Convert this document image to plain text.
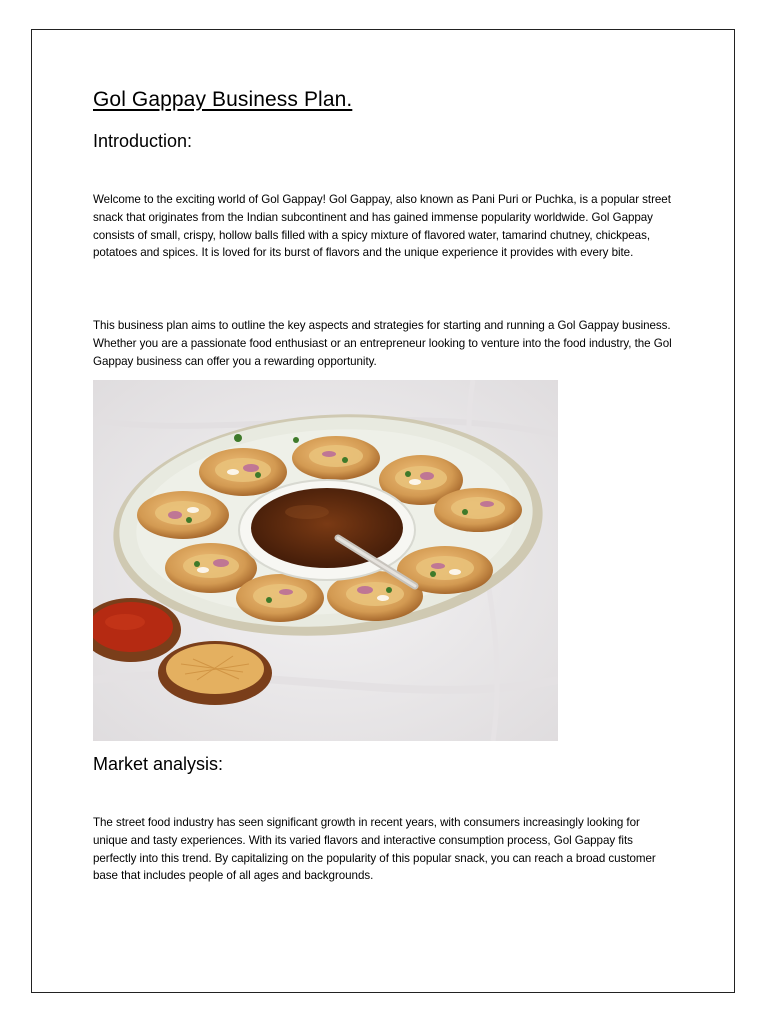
Gol Gappay Business Plan.
Introduction:

Welcome to the exciting world of Gol Gappay! Gol Gappay, also known as Pani Puri or Puchka, is a popular street snack that originates from the Indian subcontinent and has gained immense popularity worldwide. Gol Gappay consists of small, crispy, hollow balls filled with a spicy mixture of flavored water, tamarind chutney, chickpeas, potatoes and spices. It is loved for its burst of flavors and the unique experience it provides with every bite.

This business plan aims to outline the key aspects and strategies for starting and running a Gol Gappay business. Whether you are a passionate food enthusiast or an entrepreneur looking to venture into the food industry, the Gol Gappay business can offer you a rewarding opportunity.

Market analysis:

The street food industry has seen significant growth in recent years, with consumers increasingly looking for unique and tasty experiences. With its varied flavors and interactive consumption process, Gol Gappay fits perfectly into this trend. By capitalizing on the popularity of this popular snack, you can reach a broad customer base that includes people of all ages and backgrounds.
